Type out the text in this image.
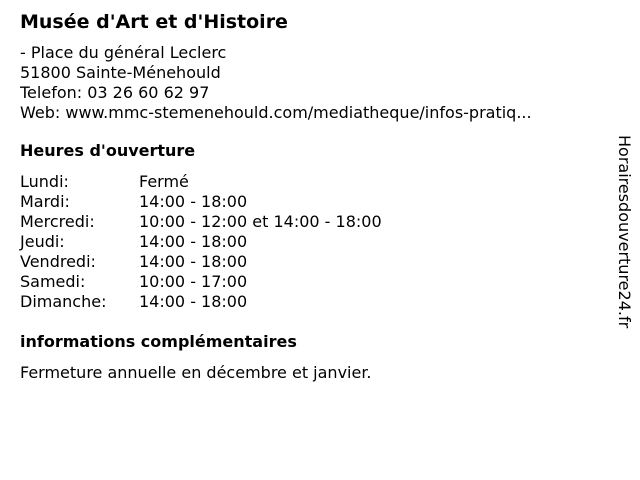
Musée d'Art et d'Histoire
- Place du général Leclerc
51800 Sainte-Ménehould
Telefon: 03 26 60 62 97
Web: www.mmc-stemenehould.com/mediatheque/infos-pratiq...
Heures d'ouverture
Lundi:	Fermé
Mardi:	14:00 - 18:00
Mercredi:	10:00 - 12:00 et 14:00 - 18:00
Jeudi:	14:00 - 18:00
Vendredi:	14:00 - 18:00
Samedi:	10:00 - 17:00
Dimanche:	14:00 - 18:00
informations complémentaires
Fermeture annuelle en décembre et janvier.
Horairesdouverture24.fr
